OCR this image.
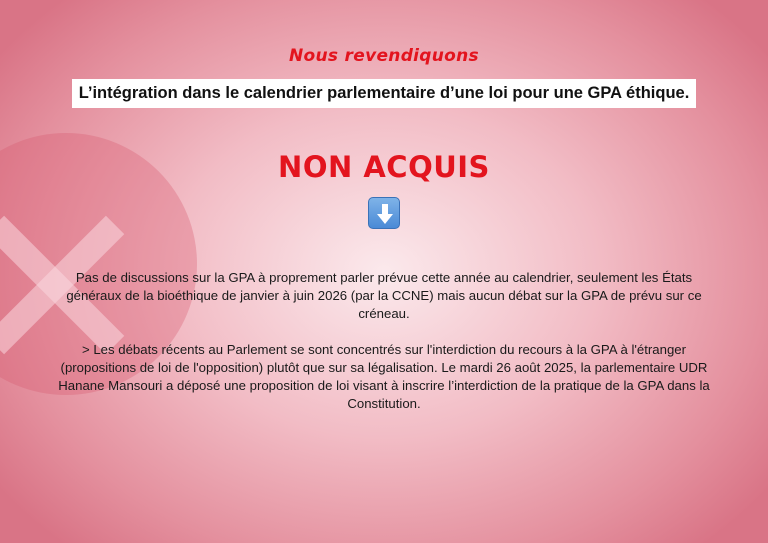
Nous revendiquons
L’intégration dans le calendrier parlementaire d’une loi pour une GPA éthique.
NON ACQUIS

Pas de discussions sur la GPA à proprement parler prévue cette année au calendrier, seulement les États généraux de la bioéthique de janvier à juin 2026 (par la CCNE) mais aucun débat sur la GPA de prévu sur ce créneau.

> Les débats récents au Parlement se sont concentrés sur l'interdiction du recours à la GPA à l'étranger (propositions de loi de l'opposition) plutôt que sur sa légalisation. Le mardi 26 août 2025, la parlementaire UDR Hanane Mansouri a déposé une proposition de loi visant à inscrire l’interdiction de la pratique de la GPA dans la Constitution.
